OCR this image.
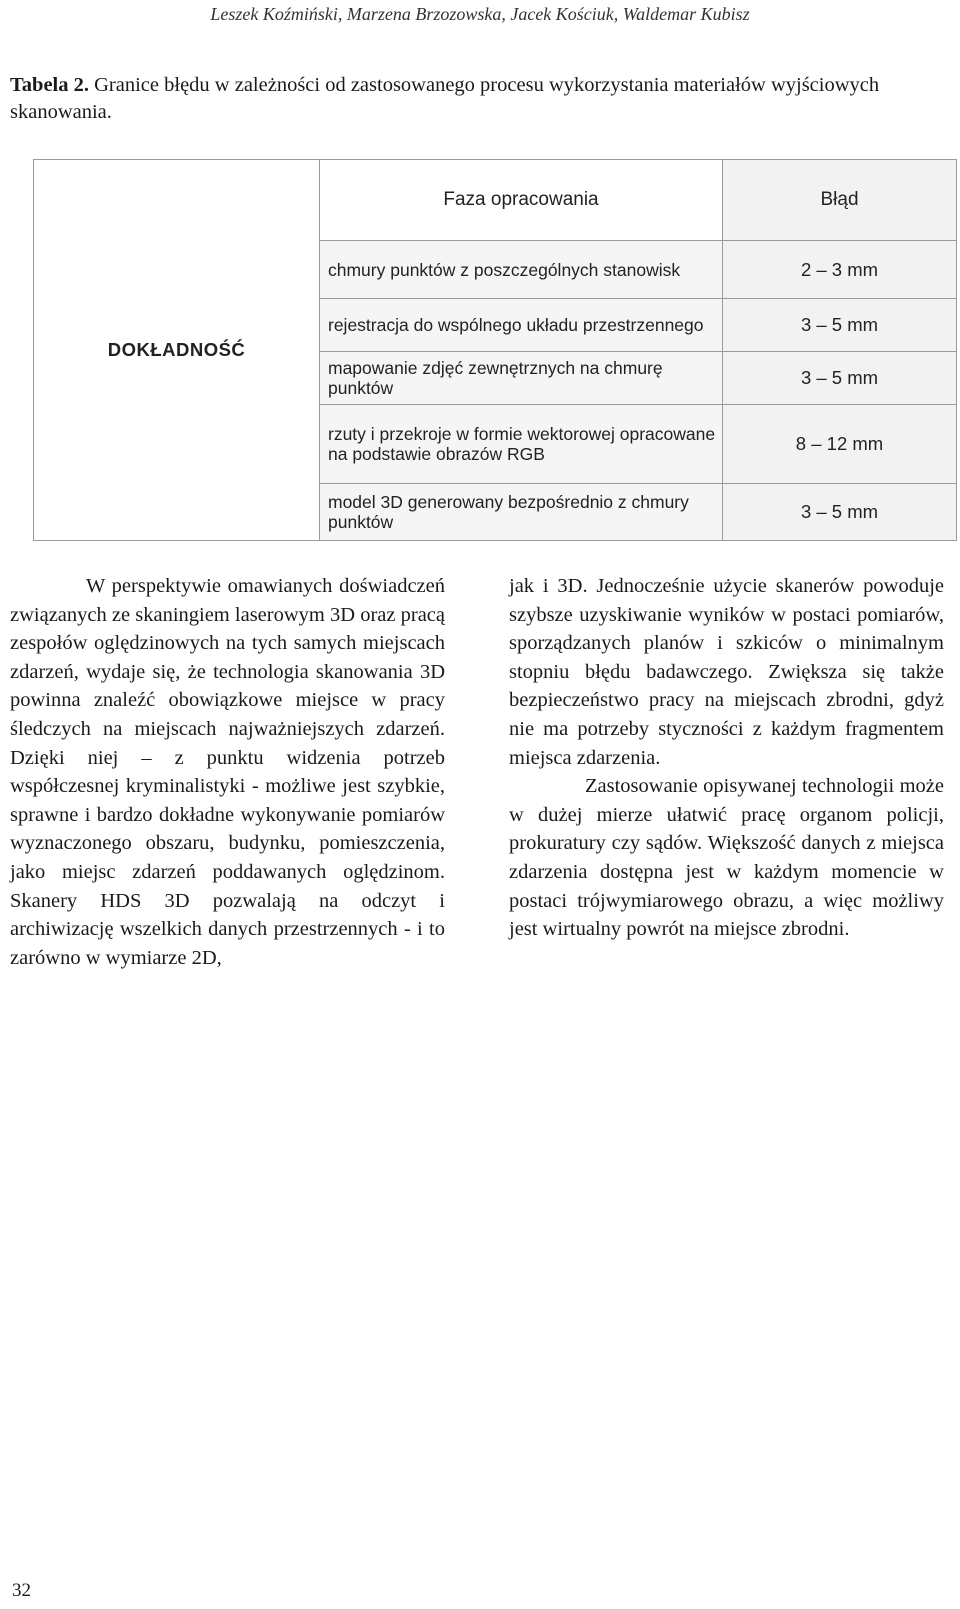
Leszek Koźmiński, Marzena Brzozowska, Jacek Kościuk, Waldemar Kubisz
Tabela 2. Granice błędu w zależności od zastosowanego procesu wykorzystania materiałów wyjściowych skanowania.
DOKŁADNOŚĆ	Faza opracowania	Błąd
	chmury punktów z poszczególnych stanowisk	2 – 3 mm
	rejestracja do wspólnego układu przestrzennego	3 – 5 mm
	mapowanie zdjęć zewnętrznych na chmurę punktów	3 – 5 mm
	rzuty i przekroje w formie wektorowej opracowane na podstawie obrazów RGB	8 – 12 mm
	model 3D generowany bezpośrednio z chmury punktów	3 – 5 mm

W perspektywie omawianych doświadczeń związanych ze skaningiem laserowym 3D oraz pracą zespołów oględzinowych na tych samych miejscach zdarzeń, wydaje się, że technologia skanowania 3D powinna znaleźć obowiązkowe miejsce w pracy śledczych na miejscach najważniejszych zdarzeń. Dzięki niej – z punktu widzenia potrzeb współczesnej kryminalistyki - możliwe jest szybkie, sprawne i bardzo dokładne wykonywanie pomiarów wyznaczonego obszaru, budynku, pomieszczenia, jako miejsc zdarzeń poddawanych oględzinom. Skanery HDS 3D pozwalają na odczyt i archiwizację wszelkich danych przestrzennych - i to zarówno w wymiarze 2D,

jak i 3D. Jednocześnie użycie skanerów powoduje szybsze uzyskiwanie wyników w postaci pomiarów, sporządzanych planów i szkiców o minimalnym stopniu błędu badawczego. Zwiększa się także bezpieczeństwo pracy na miejscach zbrodni, gdyż nie ma potrzeby styczności z każdym fragmentem miejsca zdarzenia.

Zastosowanie opisywanej technologii może w dużej mierze ułatwić pracę organom policji, prokuratury czy sądów. Większość danych z miejsca zdarzenia dostępna jest w każdym momencie w postaci trójwymiarowego obrazu, a więc możliwy jest wirtualny powrót na miejsce zbrodni.

32
